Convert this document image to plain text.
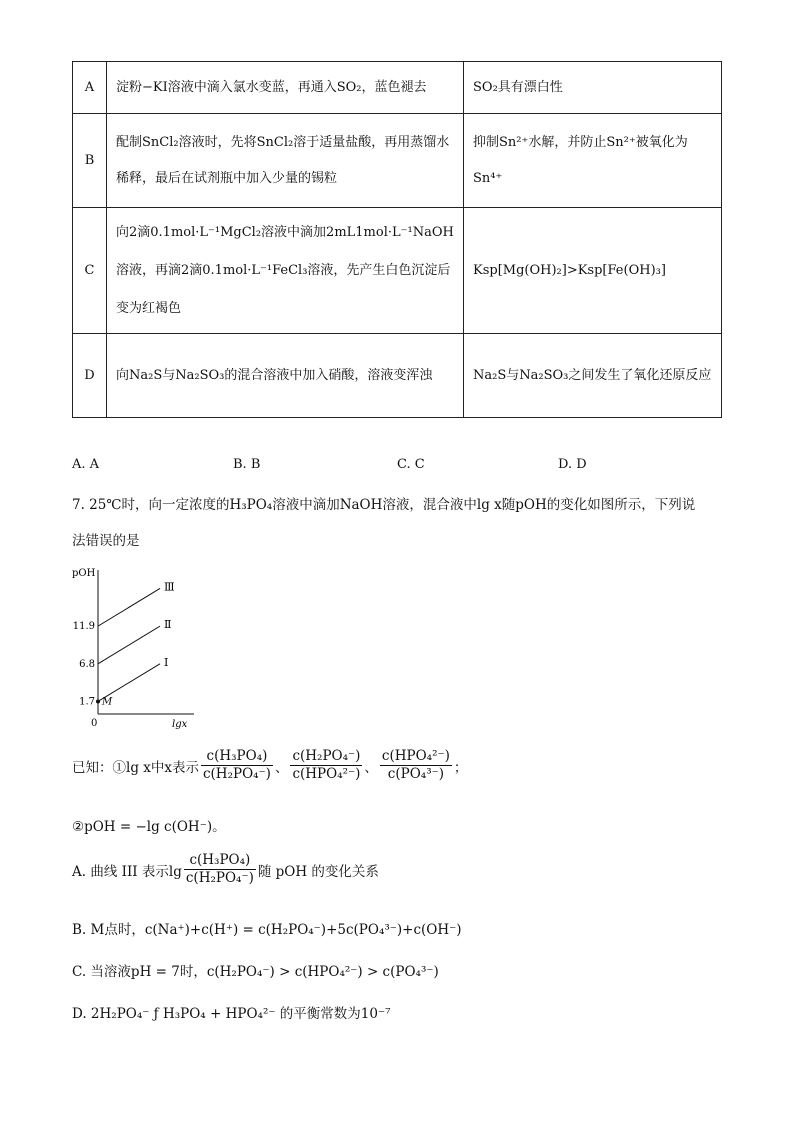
A	淀粉−KI溶液中滴入氯水变蓝，再通入SO₂，蓝色褪去	SO₂具有漂白性
B	配制SnCl₂溶液时，先将SnCl₂溶于适量盐酸，再用蒸馏水稀释，最后在试剂瓶中加入少量的锡粒	抑制Sn²⁺水解，并防止Sn²⁺被氧化为Sn⁴⁺
C	向2滴0.1mol·L⁻¹MgCl₂溶液中滴加2mL1mol·L⁻¹NaOH溶液，再滴2滴0.1mol·L⁻¹FeCl₃溶液，先产生白色沉淀后变为红褐色	Ksp[Mg(OH)₂]>Ksp[Fe(OH)₃]
D	向Na₂S与Na₂SO₃的混合溶液中加入硝酸，溶液变浑浊	Na₂S与Na₂SO₃之间发生了氧化还原反应
A. A	B. B	C. C	D. D
7. 25℃时，向一定浓度的H₃PO₄溶液中滴加NaOH溶液，混合液中lg x随pOH的变化如图所示，下列说
法错误的是
pOH
lgx
0
1.7
6.8
11.9
Ⅰ
Ⅱ
Ⅲ
M
已知：①lg x中x表示 $\frac{\text{c(H₃PO₄)}}{\text{c(H₂PO₄⁻)}}$ 、 $\frac{\text{c(H₂PO₄⁻)}}{\text{c(HPO₄²⁻)}}$ 、 $\frac{\text{c(HPO₄²⁻)}}{\text{c(PO₄³⁻)}}$ ；
②pOH = −lg c(OH⁻)。
A. 曲线 III 表示$\lg \frac{\text{c(H₃PO₄)}}{\text{c(H₂PO₄⁻)}}$ 随 pOH 的变化关系
B. M点时，c(Na⁺)+c(H⁺) = c(H₂PO₄⁻)+5c(PO₄³⁻)+c(OH⁻)
C. 当溶液pH = 7时，c(H₂PO₄⁻) > c(HPO₄²⁻) > c(PO₄³⁻)
D. 2H₂PO₄⁻ ƒ H₃PO₄ + HPO₄²⁻ 的平衡常数为10⁻⁷
